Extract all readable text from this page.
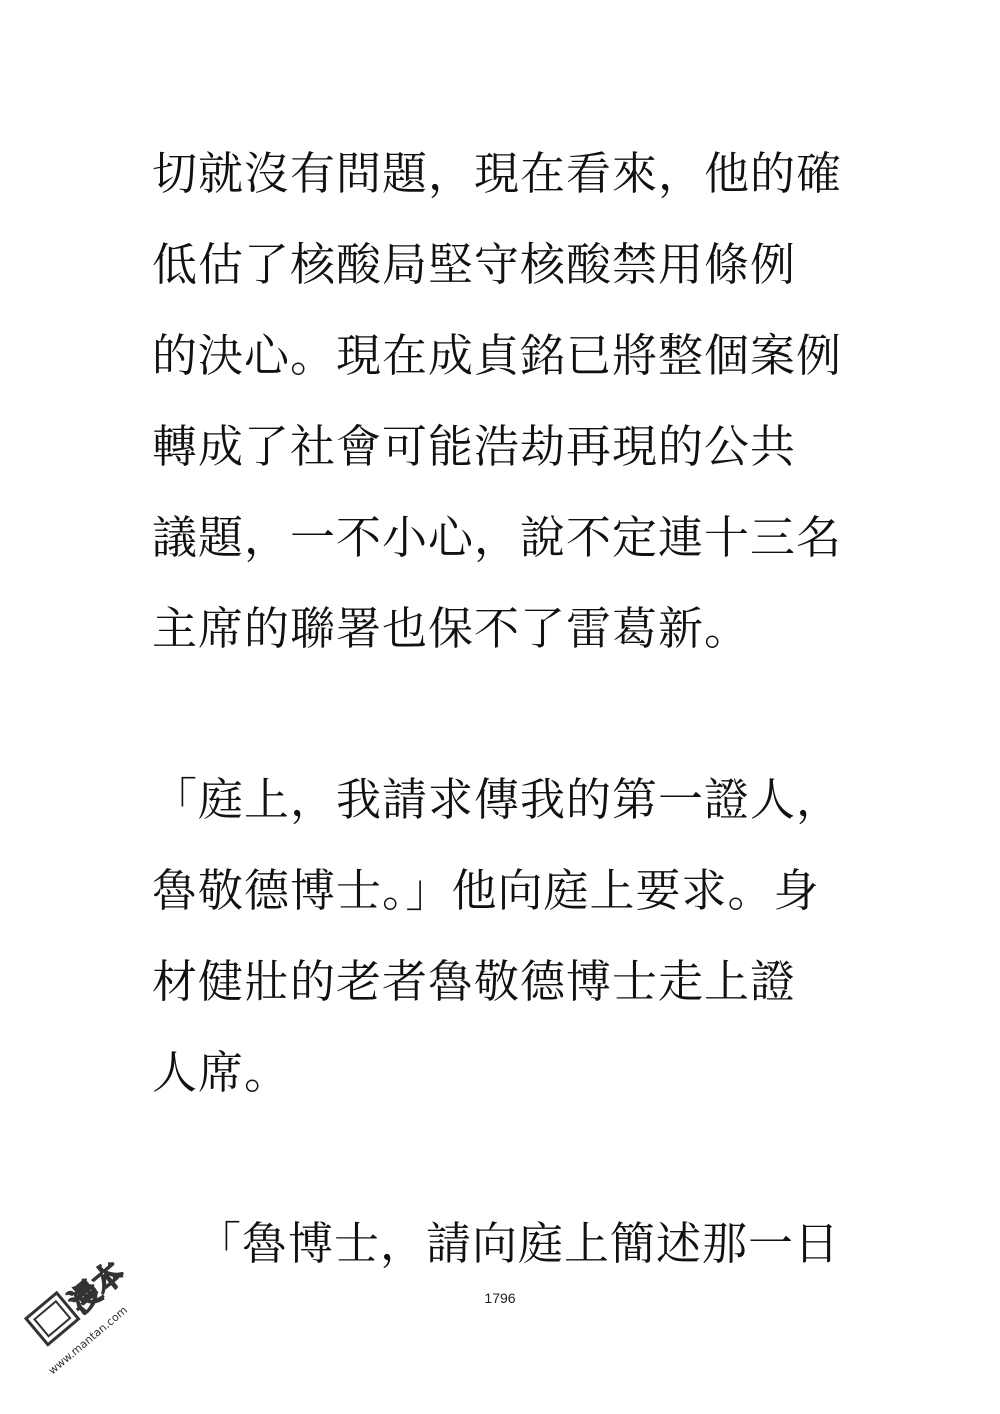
切就沒有問題，現在看來，他的確
低估了核酸局堅守核酸禁用條例
的決心。現在成貞銘已將整個案例
轉成了社會可能浩劫再現的公共
議題，一不小心，說不定連十三名
主席的聯署也保不了雷葛新。
「庭上，我請求傳我的第一證人，
魯敬德博士。」他向庭上要求。身
材健壯的老者魯敬德博士走上證
人席。
「魯博士，請向庭上簡述那一日
1796
漫本
www.mantan.com
